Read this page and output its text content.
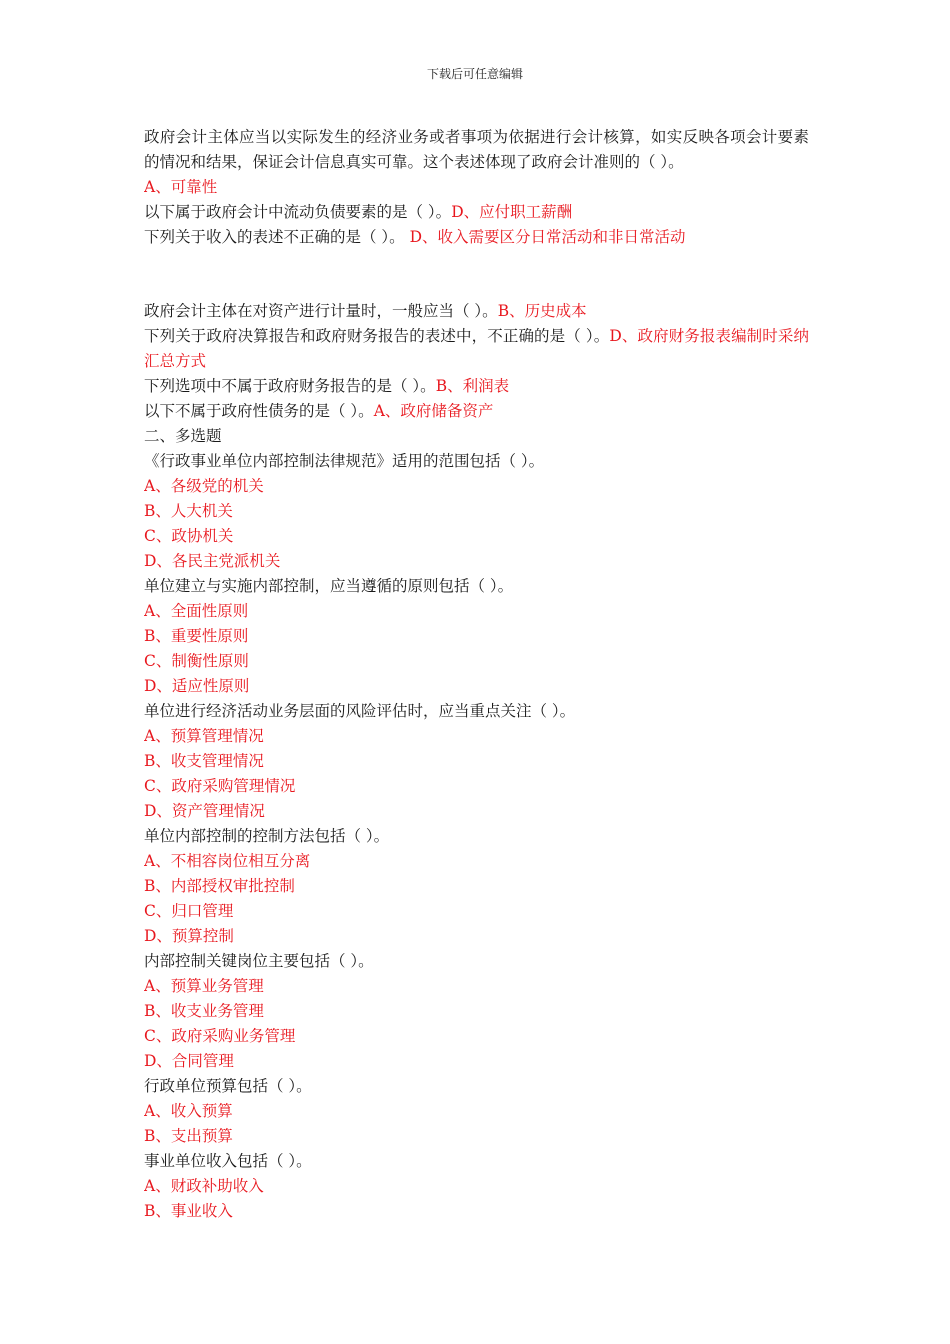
下载后可任意编辑
政府会计主体应当以实际发生的经济业务或者事项为依据进行会计核算，如实反映各项会计要素的情况和结果，保证会计信息真实可靠。这个表述体现了政府会计准则的（ ）。
A、可靠性
以下属于政府会计中流动负债要素的是（ ）。D、应付职工薪酬
下列关于收入的表述不正确的是（ ）。 D、收入需要区分日常活动和非日常活动
政府会计主体在对资产进行计量时，一般应当（ ）。B、历史成本
下列关于政府决算报告和政府财务报告的表述中，不正确的是（ ）。D、政府财务报表编制时采纳汇总方式
下列选项中不属于政府财务报告的是（ ）。B、利润表
以下不属于政府性债务的是（ ）。A、政府储备资产
二、多选题
《行政事业单位内部控制法律规范》适用的范围包括（ ）。
A、各级党的机关
B、人大机关
C、政协机关
D、各民主党派机关
单位建立与实施内部控制，应当遵循的原则包括（ ）。
A、全面性原则
B、重要性原则
C、制衡性原则
D、适应性原则
单位进行经济活动业务层面的风险评估时，应当重点关注（ ）。
A、预算管理情况
B、收支管理情况
C、政府采购管理情况
D、资产管理情况
单位内部控制的控制方法包括（ ）。
A、不相容岗位相互分离
B、内部授权审批控制
C、归口管理
D、预算控制
内部控制关键岗位主要包括（ ）。
A、预算业务管理
B、收支业务管理
C、政府采购业务管理
D、合同管理
行政单位预算包括（ ）。
A、收入预算
B、支出预算
事业单位收入包括（ ）。
A、财政补助收入
B、事业收入
